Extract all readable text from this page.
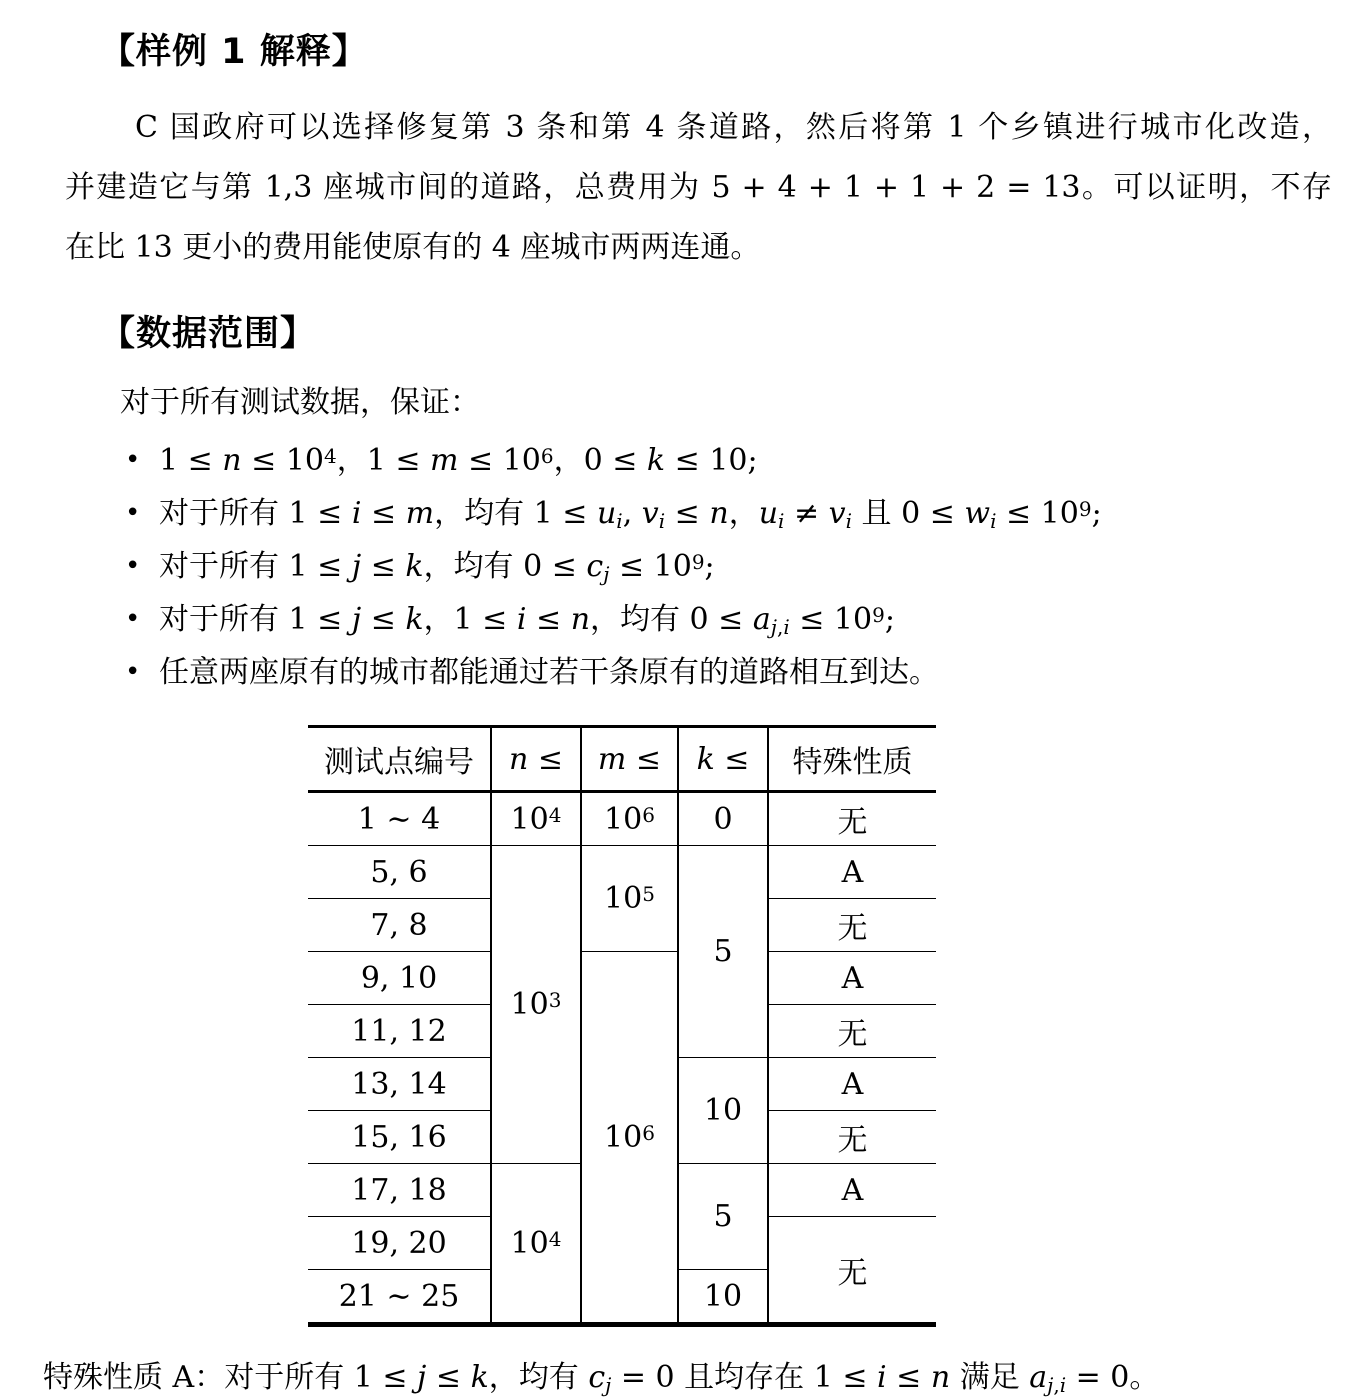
【样例 1 解释】
C 国政府可以选择修复第 3 条和第 4 条道路，然后将第 1 个乡镇进行城市化改造，
并建造它与第 1,3 座城市间的道路，总费用为 5 + 4 + 1 + 1 + 2 = 13。可以证明，不存
在比 13 更小的费用能使原有的 4 座城市两两连通。
【数据范围】
对于所有测试数据，保证：
• $1 \le n \le 10^4$，$1 \le m \le 10^6$，0 ≤ k ≤ 10;
• 对于所有 1 ≤ i ≤ m，均有 $1 \le u_i$, $v_i \le n$，$u_i \ne v_i$ 且 $0 \le w_i \le 10^9$;
• 对于所有 1 ≤ j ≤ k，均有 $0 \le c_j \le 10^9$;
• 对于所有 1 ≤ j ≤ k，1 ≤ i ≤ n，均有 $0 \le a_{j,i} \le 10^9$;
• 任意两座原有的城市都能通过若干条原有的道路相互到达。
测试点编号	n ≤	m ≤	k ≤	特殊性质
1 ∼ 4	$10^4$	$10^6$	0	无
5, 6	$10^3$	$10^5$	5	A
7, 8				无
9, 10		$10^6$		A
11, 12				无
13, 14			10	A
15, 16				无
17, 18	$10^4$		5	A
19, 20				无
21 ∼ 25			10	
特殊性质 A：对于所有 1 ≤ j ≤ k，均有 $c_j = 0$ 且均存在 1 ≤ i ≤ n 满足 $a_{j,i} = 0$。
